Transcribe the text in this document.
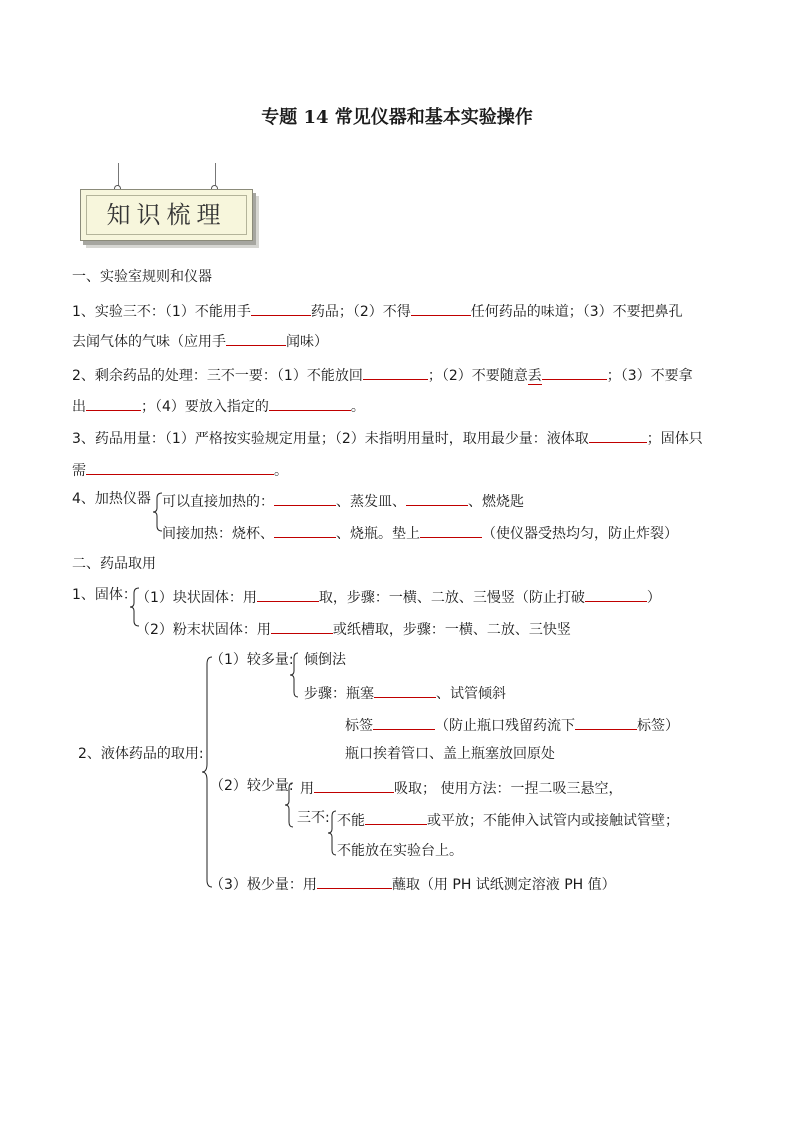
专题 14 常见仪器和基本实验操作
知识梳理
一、实验室规则和仪器
1、实验三不：（1）不能用手	药品；（2）不得	任何药品的味道；（3）不要把鼻孔
去闻气体的气味（应用手	闻味）
2、剩余药品的处理：三不一要：（1）不能放回	；（2）不要随意丢	；（3）不要拿
出	；（4）要放入指定的	。
3、药品用量：（1）严格按实验规定用量；（2）未指明用量时，取用最少量：液体取	；固体只
需	。
4、加热仪器 可以直接加热的：	、蒸发皿、	、燃烧匙
间接加热：烧杯、	、烧瓶。垫上	（使仪器受热均匀，防止炸裂）
二、药品取用
1、固体： （1）块状固体：用	取，步骤：一横、二放、三慢竖（防止打破	）
（2）粉末状固体：用	或纸槽取，步骤：一横、二放、三快竖
2、液体药品的取用:
（1）较多量: 倾倒法
步骤：瓶塞	、试管倾斜
标签	（防止瓶口残留药流下	标签）
瓶口挨着管口、盖上瓶塞放回原处
（2）较少量: 用	吸取； 使用方法：一捏二吸三悬空，
三不: 不能	或平放；不能伸入试管内或接触试管壁；
不能放在实验台上。
（3）极少量：用	蘸取（用 PH 试纸测定溶液 PH 值）
